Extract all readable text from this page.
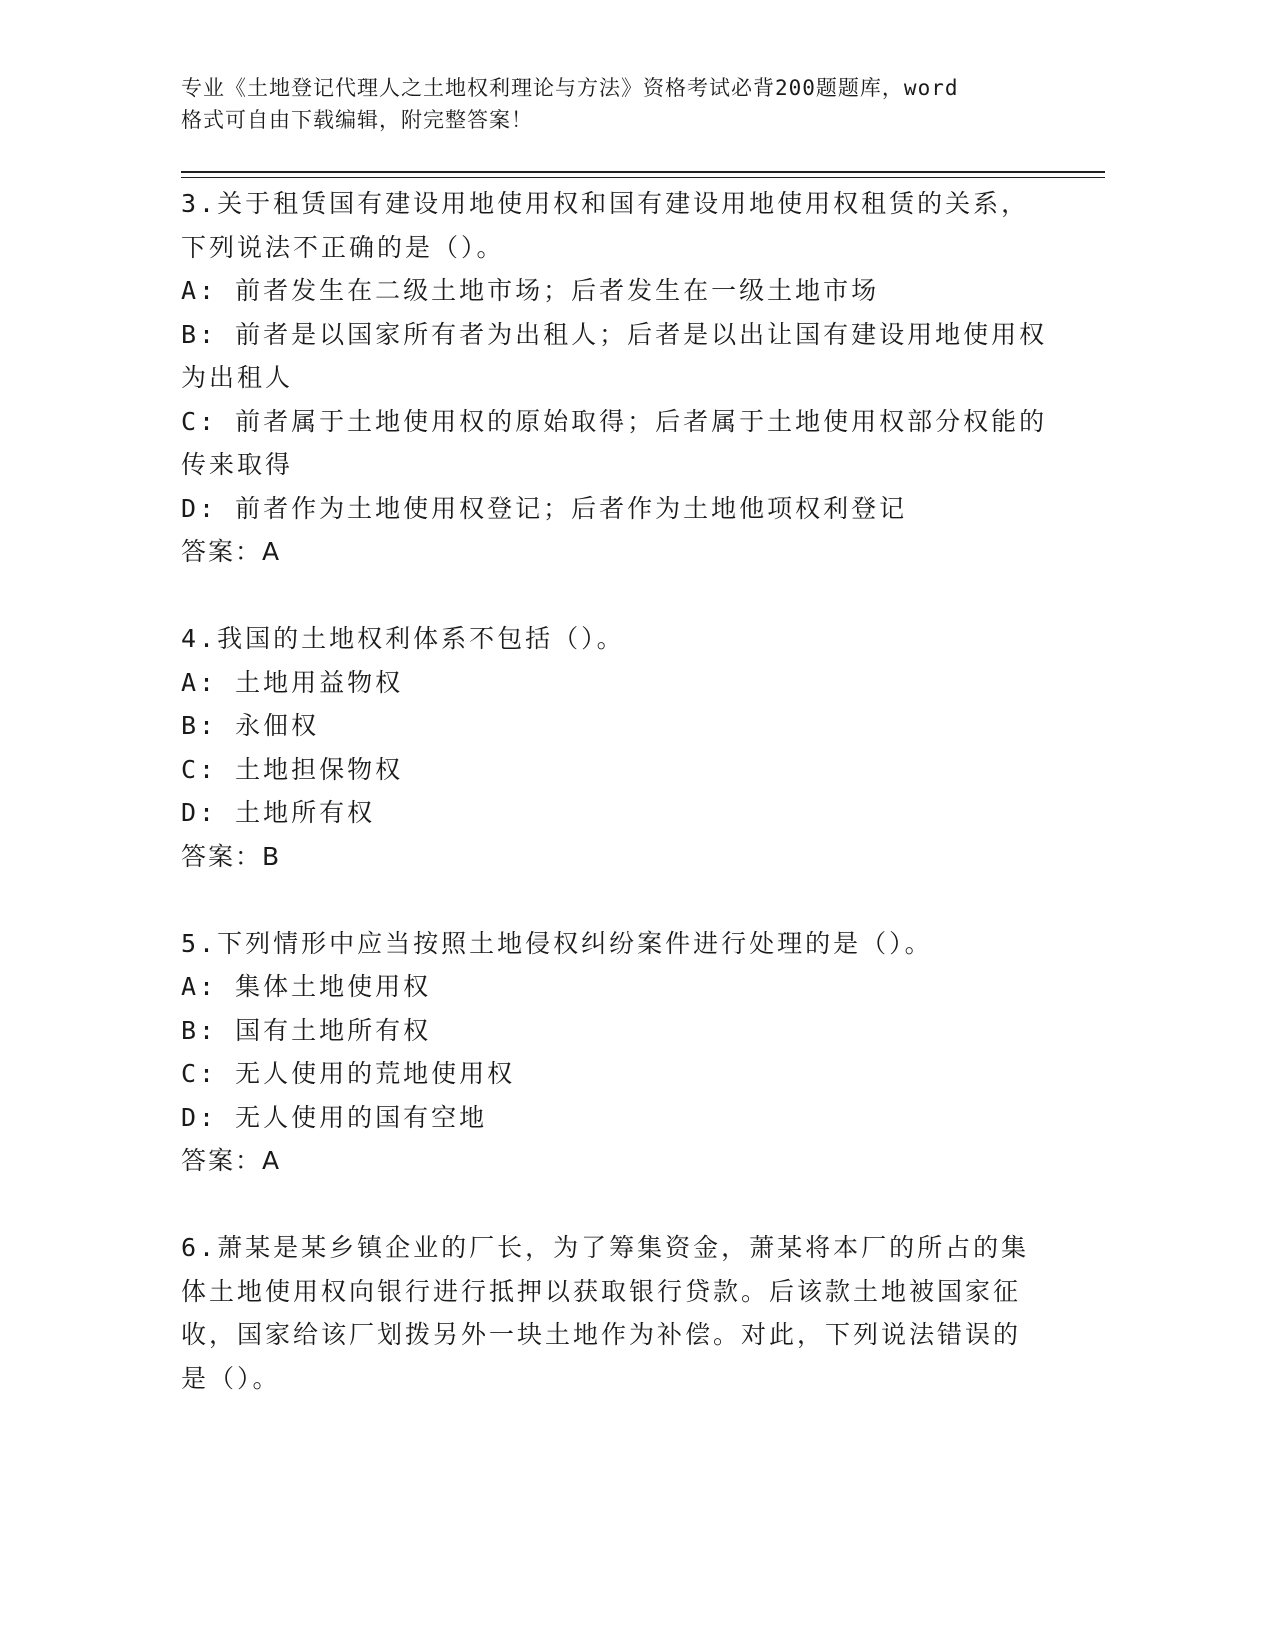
专业《土地登记代理人之土地权利理论与方法》资格考试必背200题题库，word
格式可自由下载编辑，附完整答案！
3.关于租赁国有建设用地使用权和国有建设用地使用权租赁的关系，
下列说法不正确的是（）。
A: 前者发生在二级土地市场；后者发生在一级土地市场
B: 前者是以国家所有者为出租人；后者是以出让国有建设用地使用权
为出租人
C: 前者属于土地使用权的原始取得；后者属于土地使用权部分权能的
传来取得
D: 前者作为土地使用权登记；后者作为土地他项权利登记
答案：A
4.我国的土地权利体系不包括（）。
A: 土地用益物权
B: 永佃权
C: 土地担保物权
D: 土地所有权
答案：B
5.下列情形中应当按照土地侵权纠纷案件进行处理的是（）。
A: 集体土地使用权
B: 国有土地所有权
C: 无人使用的荒地使用权
D: 无人使用的国有空地
答案：A
6.萧某是某乡镇企业的厂长，为了筹集资金，萧某将本厂的所占的集
体土地使用权向银行进行抵押以获取银行贷款。后该款土地被国家征
收，国家给该厂划拨另外一块土地作为补偿。对此，下列说法错误的
是（）。
